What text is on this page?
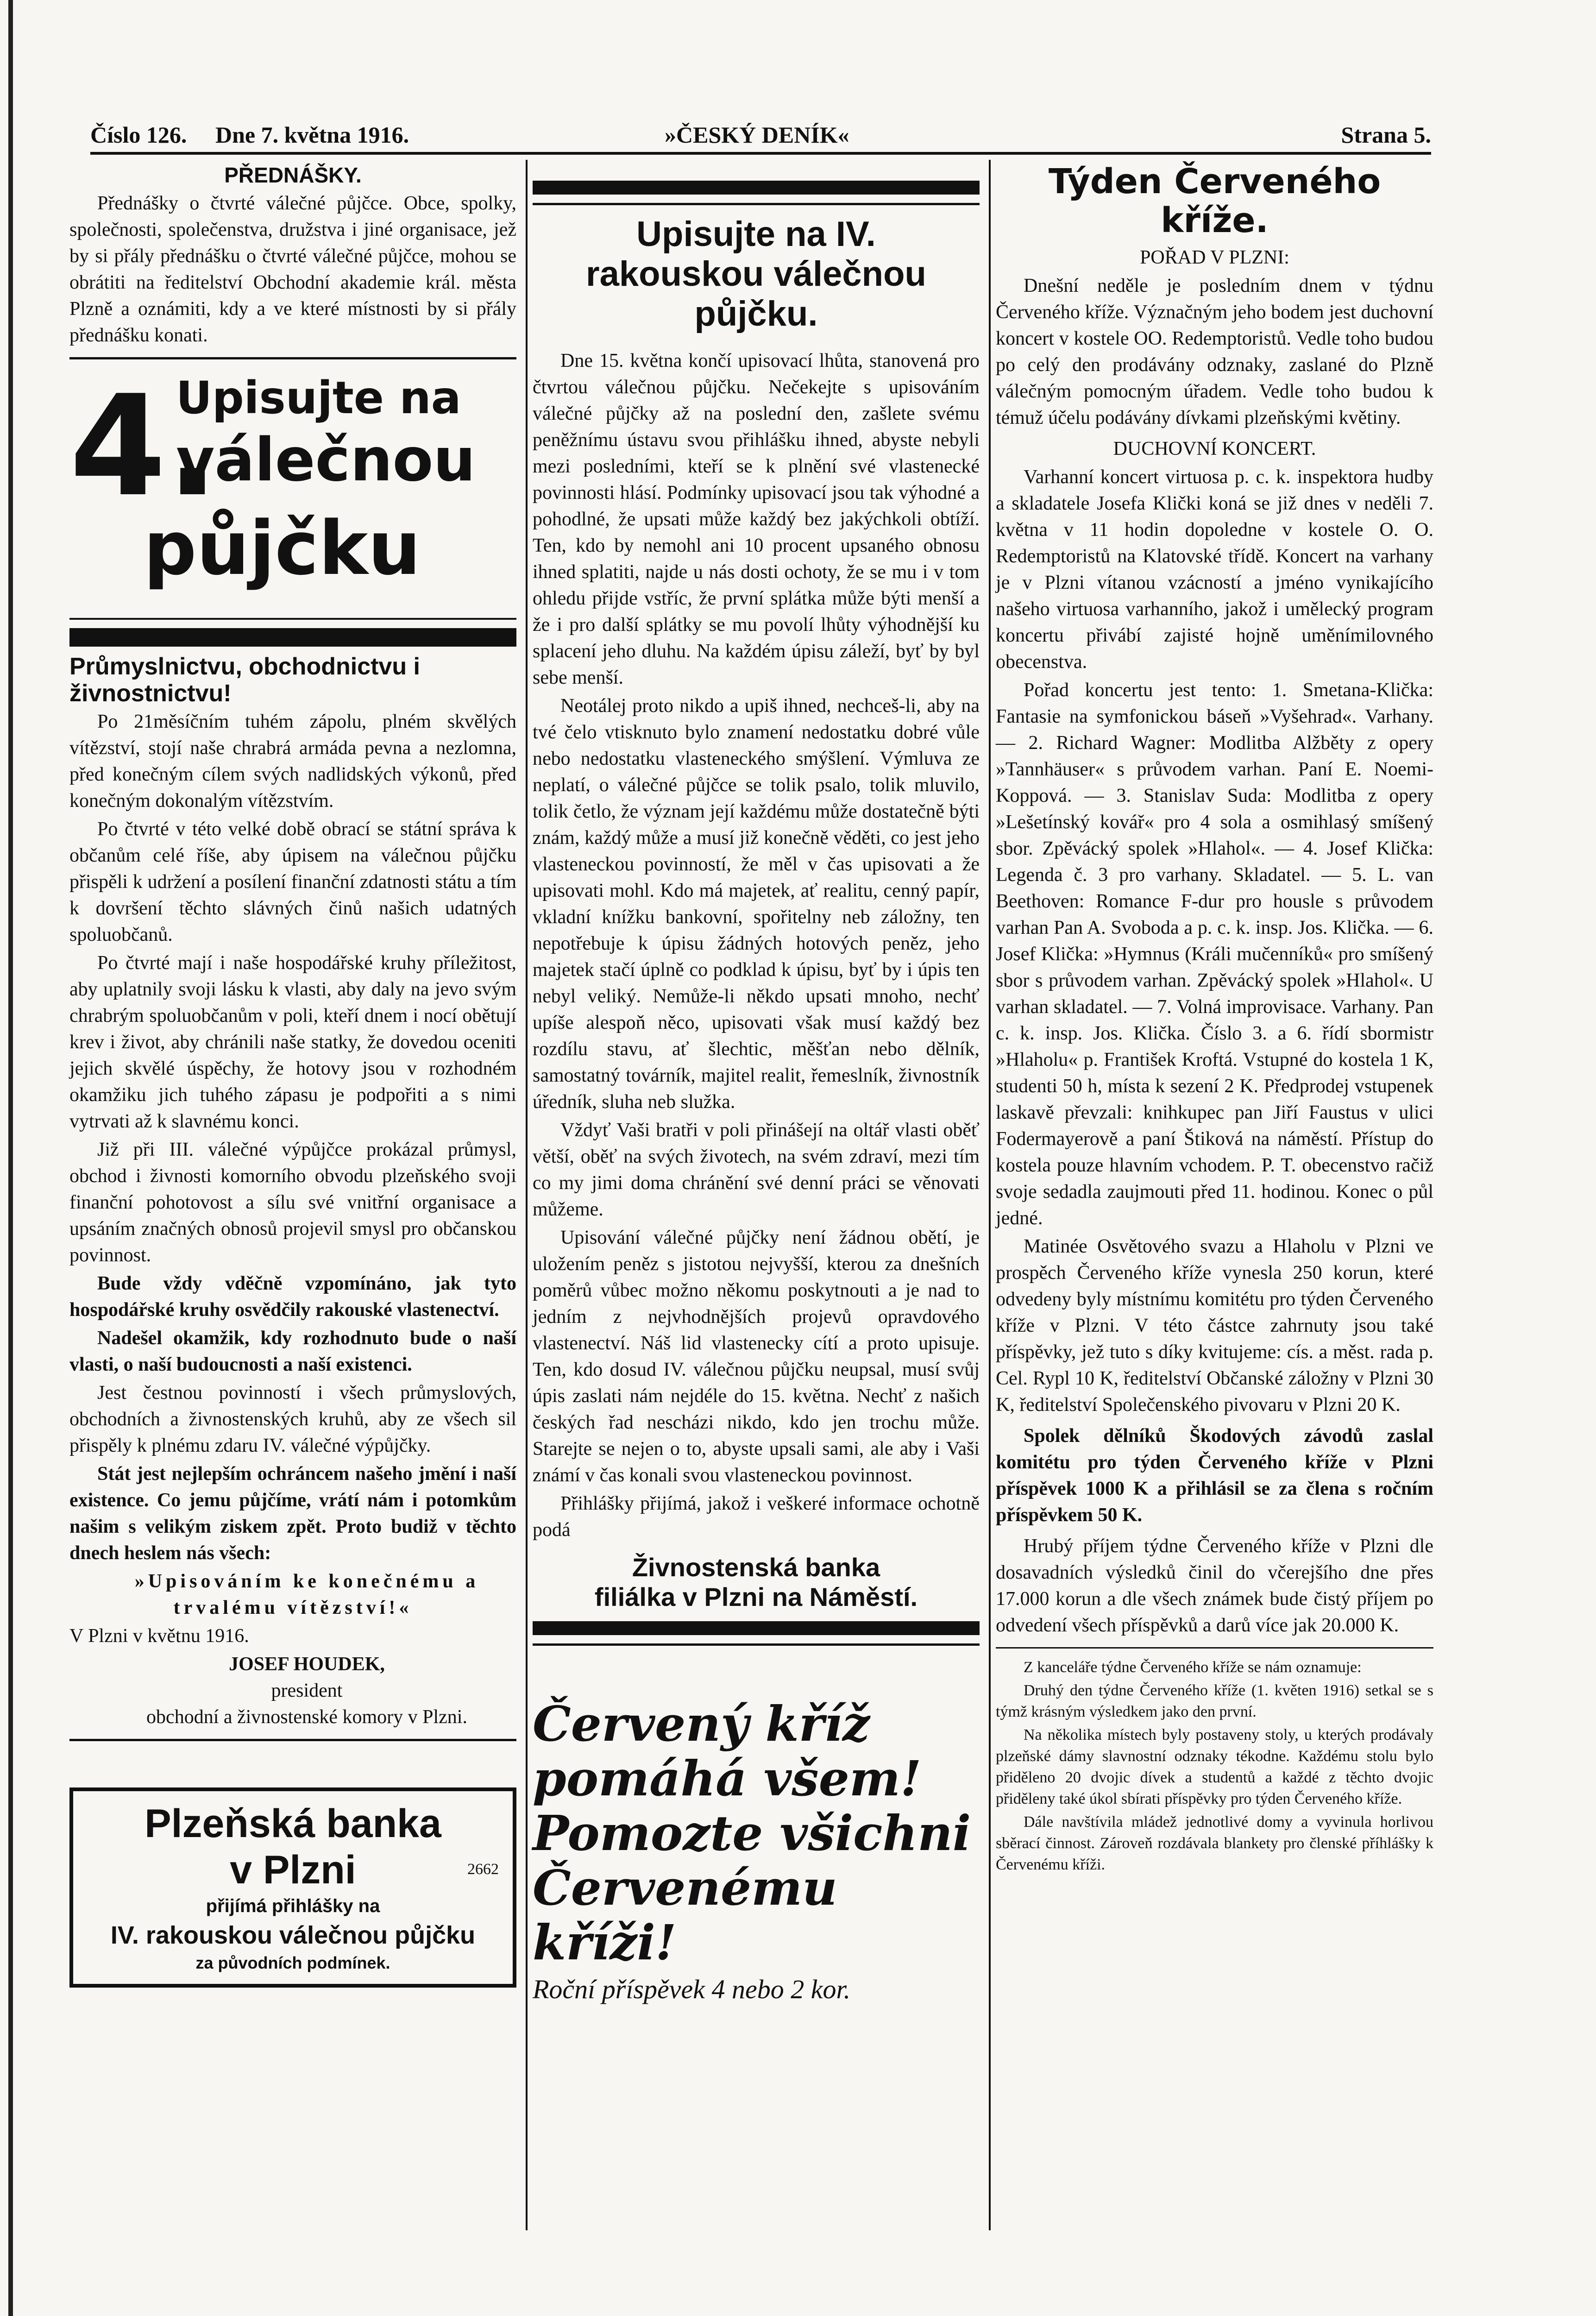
Číslo 126. Dne 7. května 1916.	»ČESKÝ DENÍK«	Strana 5.

PŘEDNÁŠKY.

Přednášky o čtvrté válečné půjčce. Obce, spolky, společnosti, společenstva, družstva i jiné organisace, jež by si přály přednášku o čtvrté válečné půjčce, mohou se obrátiti na ředitelství Obchodní akademie král. města Plzně a oznámiti, kdy a ve které místnosti by si přály přednášku konati.

4.
Upisujte na
válečnou
půjčku

Průmyslnictvu, obchodnictvu i živnostnictvu!

Po 21měsíčním tuhém zápolu, plném skvělých vítězství, stojí naše chrabrá armáda pevna a nezlomna, před konečným cílem svých nadlidských výkonů, před konečným dokonalým vítězstvím.

Po čtvrté v této velké době obrací se státní správa k občanům celé říše, aby úpisem na válečnou půjčku přispěli k udržení a posílení finanční zdatnosti státu a tím k dovršení těchto slávných činů našich udatných spoluobčanů.

Po čtvrté mají i naše hospodářské kruhy příležitost, aby uplatnily svoji lásku k vlasti, aby daly na jevo svým chrabrým spoluobčanům v poli, kteří dnem i nocí obětují krev i život, aby chránili naše statky, že dovedou oceniti jejich skvělé úspěchy, že hotovy jsou v rozhodném okamžiku jich tuhého zápasu je podpořiti a s nimi vytrvati až k slavnému konci.

Již při III. válečné výpůjčce prokázal průmysl, obchod i živnosti komorního obvodu plzeňského svoji finanční pohotovost a sílu své vnitřní organisace a upsáním značných obnosů projevil smysl pro občanskou povinnost.

Bude vždy vděčně vzpomínáno, jak tyto hospodářské kruhy osvědčily rakouské vlastenectví.

Nadešel okamžik, kdy rozhodnuto bude o naší vlasti, o naší budoucnosti a naší existenci.

Jest čestnou povinností i všech průmyslových, obchodních a živnostenských kruhů, aby ze všech sil přispěly k plnému zdaru IV. válečné výpůjčky.

Stát jest nejlepším ochráncem našeho jmění i naší existence. Co jemu půjčíme, vrátí nám i potomkům našim s velikým ziskem zpět. Proto budiž v těchto dnech heslem nás všech:

»Upisováním ke konečnému a trvalému vítězství!«

V Plzni v květnu 1916.

JOSEF HOUDEK,

president

obchodní a živnostenské komory v Plzni.

Plzeňská banka
v Plzni	2662
přijímá přihlášky na
IV. rakouskou válečnou půjčku
za původních podmínek.

Upisujte na IV.

rakouskou válečnou

půjčku.

Dne 15. května končí upisovací lhůta, stanovená pro čtvrtou válečnou půjčku. Nečekejte s upisováním válečné půjčky až na poslední den, zašlete svému peněžnímu ústavu svou přihlášku ihned, abyste nebyli mezi posledními, kteří se k plnění své vlastenecké povinnosti hlásí. Podmínky upisovací jsou tak výhodné a pohodlné, že upsati může každý bez jakýchkoli obtíží. Ten, kdo by nemohl ani 10 procent upsaného obnosu ihned splatiti, najde u nás dosti ochoty, že se mu i v tom ohledu přijde vstříc, že první splátka může býti menší a že i pro další splátky se mu povolí lhůty výhodnější ku splacení jeho dluhu. Na každém úpisu záleží, byť by byl sebe menší.

Neotálej proto nikdo a upiš ihned, nechceš-li, aby na tvé čelo vtisknuto bylo znamení nedostatku dobré vůle nebo nedostatku vlasteneckého smýšlení. Výmluva ze neplatí, o válečné půjčce se tolik psalo, tolik mluvilo, tolik četlo, že význam její každému může dostatečně býti znám, každý může a musí již konečně věděti, co jest jeho vlasteneckou povinností, že měl v čas upisovati a že upisovati mohl. Kdo má majetek, ať realitu, cenný papír, vkladní knížku bankovní, spořitelny neb záložny, ten nepotřebuje k úpisu žádných hotových peněz, jeho majetek stačí úplně co podklad k úpisu, byť by i úpis ten nebyl veliký. Nemůže-li někdo upsati mnoho, nechť upíše alespoň něco, upisovati však musí každý bez rozdílu stavu, ať šlechtic, měšťan nebo dělník, samostatný továrník, majitel realit, řemeslník, živnostník úředník, sluha neb služka.

Vždyť Vaši bratři v poli přinášejí na oltář vlasti oběť větší, oběť na svých životech, na svém zdraví, mezi tím co my jimi doma chránění své denní práci se věnovati můžeme.

Upisování válečné půjčky není žádnou obětí, je uložením peněz s jistotou nejvyšší, kterou za dnešních poměrů vůbec možno někomu poskytnouti a je nad to jedním z nejvhodnějších projevů opravdového vlastenectví. Náš lid vlastenecky cítí a proto upisuje. Ten, kdo dosud IV. válečnou půjčku neupsal, musí svůj úpis zaslati nám nejdéle do 15. května. Nechť z našich českých řad nescházi nikdo, kdo jen trochu může. Starejte se nejen o to, abyste upsali sami, ale aby i Vaši známí v čas konali svou vlasteneckou povinnost.

Přihlášky přijímá, jakož i veškeré informace ochotně podá

Živnostenská banka

filiálka v Plzni na Náměstí.

Červený kříž

pomáhá všem!

Pomozte všichni

Červenému kříži!

Roční příspěvek 4 nebo 2 kor.

Týden Červeného kříže.

POŘAD V PLZNI:

Dnešní neděle je posledním dnem v týdnu Červeného kříže. Význačným jeho bodem jest duchovní koncert v kostele OO. Redemptoristů. Vedle toho budou po celý den prodávány odznaky, zaslané do Plzně válečným pomocným úřadem. Vedle toho budou k témuž účelu podávány dívkami plzeňskými květiny.

DUCHOVNÍ KONCERT.

Varhanní koncert virtuosa p. c. k. inspektora hudby a skladatele Josefa Klički koná se již dnes v neděli 7. května v 11 hodin dopoledne v kostele O. O. Redemptoristů na Klatovské třídě. Koncert na varhany je v Plzni vítanou vzácností a jméno vynikajícího našeho virtuosa varhanního, jakož i umělecký program koncertu přivábí zajisté hojně uměnímilovného obecenstva.

Pořad koncertu jest tento: 1. Smetana-Klička: Fantasie na symfonickou báseň »Vyšehrad«. Varhany. — 2. Richard Wagner: Modlitba Alžběty z opery »Tannhäuser« s průvodem varhan. Paní E. Noemi-Koppová. — 3. Stanislav Suda: Modlitba z opery »Lešetínský kovář« pro 4 sola a osmihlasý smíšený sbor. Zpěvácký spolek »Hlahol«. — 4. Josef Klička: Legenda č. 3 pro varhany. Skladatel. — 5. L. van Beethoven: Romance F-dur pro housle s průvodem varhan Pan A. Svoboda a p. c. k. insp. Jos. Klička. — 6. Josef Klička: »Hymnus (Králi mučenníků« pro smíšený sbor s průvodem varhan. Zpěvácký spolek »Hlahol«. U varhan skladatel. — 7. Volná improvisace. Varhany. Pan c. k. insp. Jos. Klička. Číslo 3. a 6. řídí sbormistr »Hlaholu« p. František Kroftá. Vstupné do kostela 1 K, studenti 50 h, místa k sezení 2 K. Předprodej vstupenek laskavě převzali: knihkupec pan Jiří Faustus v ulici Fodermayerově a paní Štiková na náměstí. Přístup do kostela pouze hlavním vchodem. P. T. obecenstvo račiž svoje sedadla zaujmouti před 11. hodinou. Konec o půl jedné.

Matinée Osvětového svazu a Hlaholu v Plzni ve prospěch Červeného kříže vynesla 250 korun, které odvedeny byly místnímu komitétu pro týden Červeného kříže v Plzni. V této částce zahrnuty jsou také příspěvky, jež tuto s díky kvitujeme: cís. a měst. rada p. Cel. Rypl 10 K, ředitelství Občanské záložny v Plzni 30 K, ředitelství Společenského pivovaru v Plzni 20 K.

Spolek dělníků Škodových závodů zaslal komitétu pro týden Červeného kříže v Plzni příspěvek 1000 K a přihlásil se za člena s ročním příspěvkem 50 K.

Hrubý příjem týdne Červeného kříže v Plzni dle dosavadních výsledků činil do včerejšího dne přes 17.000 korun a dle všech známek bude čistý příjem po odvedení všech příspěvků a darů více jak 20.000 K.

Z kanceláře týdne Červeného kříže se nám oznamuje:

Druhý den týdne Červeného kříže (1. květen 1916) setkal se s týmž krásným výsledkem jako den první.

Na několika místech byly postaveny stoly, u kterých prodávaly plzeňské dámy slavnostní odznaky tékodne. Každému stolu bylo přiděleno 20 dvojic dívek a studentů a každé z těchto dvojic přiděleny také úkol sbírati příspěvky pro týden Červeného kříže.

Dále navštívila mládež jednotlivé domy a vyvinula horlivou sběrací činnost. Zároveň rozdávala blankety pro členské příhlášky k Červenému kříži.
